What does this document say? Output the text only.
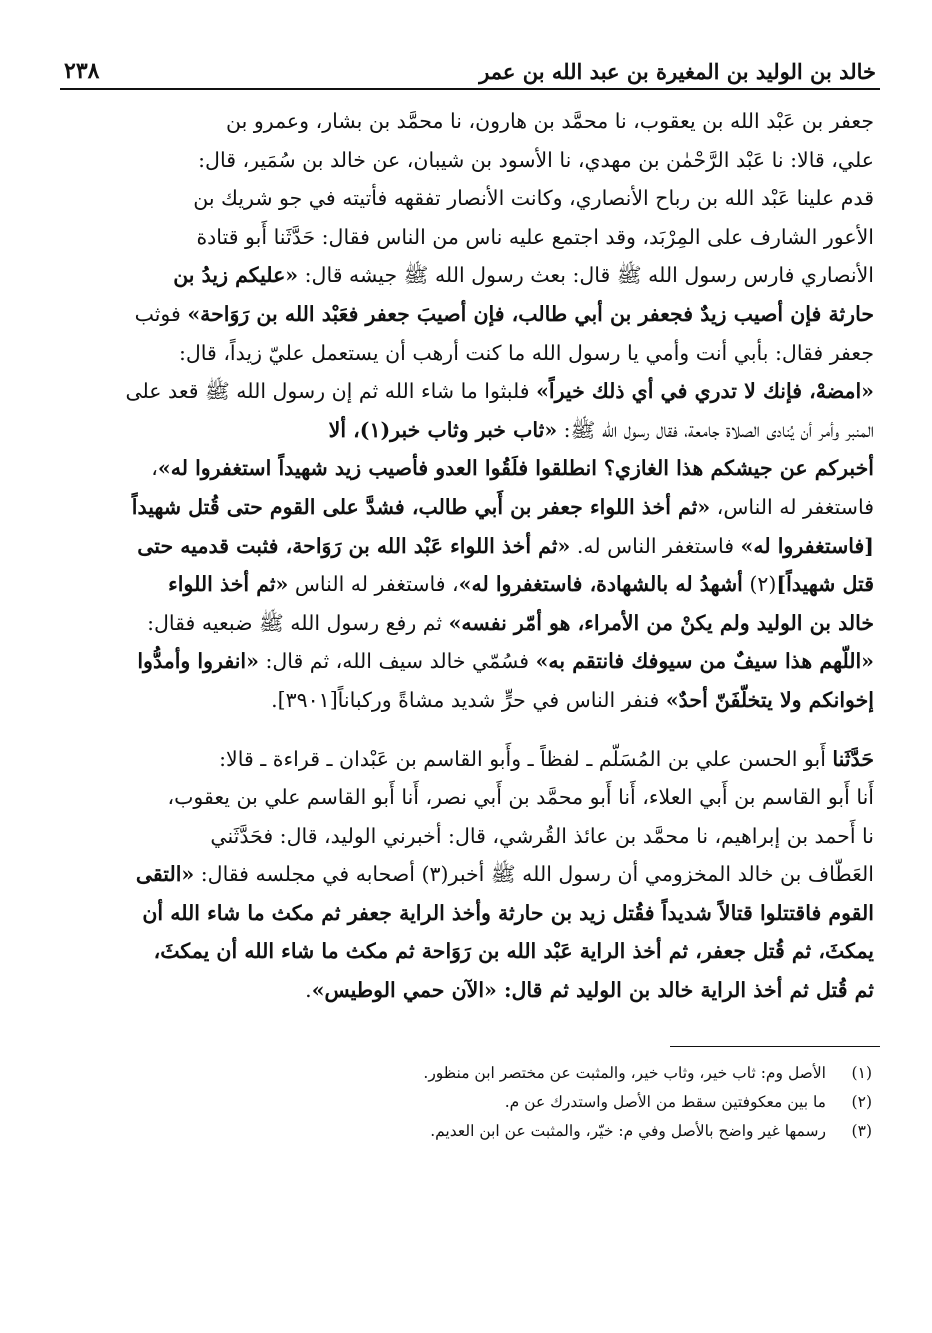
خالد بن الوليد بن المغيرة بن عبد الله بن عمر
٢٣٨
جعفر بن عَبْد الله بن يعقوب، نا محمَّد بن هارون، نا محمَّد بن بشار، وعمرو بن
علي، قالا: نا عَبْد الرَّحْمٰن بن مهدي، نا الأسود بن شيبان، عن خالد بن سُمَير، قال:
قدم علينا عَبْد الله بن رباح الأنصاري، وكانت الأنصار تفقهه فأتيته في جو شريك بن
الأعور الشارف على المِرْبَد، وقد اجتمع عليه ناس من الناس فقال: حَدَّثَنا أَبو قتادة
الأنصاري فارس رسول الله ﷺ قال: بعث رسول الله ﷺ جيشه قال: «عليكم زيدُ بن
حارثة فإن أصيب زيدٌ فجعفر بن أبي طالب، فإن أصيبَ جعفر فعَبْد الله بن رَوَاحة» فوثب
جعفر فقال: بأبي أنت وأمي يا رسول الله ما كنت أرهب أن يستعمل عليّ زيداً، قال:
«امضهْ، فإنك لا تدري في أي ذلك خيراً» فلبثوا ما شاء الله ثم إن رسول الله ﷺ قعد على
المنبر وأمر أن يُنادى الصلاة جامعة، فقال رسول الله ﷺ: «ثاب خبر وثاب خبر(١)، ألا
أخبركم عن جيشكم هذا الغازي؟ انطلقوا فلَقُوا العدو فأصيب زيد شهيداً استغفروا له»،
فاستغفر له الناس، «ثم أخذ اللواء جعفر بن أَبي طالب، فشدَّ على القوم حتى قُتل شهيداً
[فاستغفروا له» فاستغفر الناس له. «ثم أخذ اللواء عَبْد الله بن رَوَاحة، فثبت قدميه حتى
قتل شهيداً](٢) أشهدُ له بالشهادة، فاستغفروا له»، فاستغفر له الناس «ثم أخذ اللواء
خالد بن الوليد ولم يكنْ من الأمراء، هو أمّر نفسه» ثم رفع رسول الله ﷺ ضبعيه فقال:
«اللّهم هذا سيفٌ من سيوفك فانتقم به» فسُمّي خالد سيف الله، ثم قال: «انفروا وأمدُّوا
إخوانكم ولا يتخلّفَنّ أحدٌ» فنفر الناس في حرٍّ شديد مشاةً وركباناً[٣٩٠١].
حَدَّثَنا أَبو الحسن علي بن المُسَلّم ـ لفظاً ـ وأَبو القاسم بن عَبْدان ـ قراءة ـ قالا:
أَنا أَبو القاسم بن أَبي العلاء، أَنا أَبو محمَّد بن أَبي نصر، أَنا أَبو القاسم علي بن يعقوب،
نا أَحمد بن إبراهيم، نا محمَّد بن عائذ القُرشي، قال: أخبرني الوليد، قال: فحَدَّثَني
العَطّاف بن خالد المخزومي أن رسول الله ﷺ أخبر(٣) أصحابه في مجلسه فقال: «التقى
القوم فاقتتلوا قتالاً شديداً فقُتل زيد بن حارثة وأخذ الراية جعفر ثم مكث ما شاء الله أن
يمكثَ، ثم قُتل جعفر، ثم أخذ الراية عَبْد الله بن رَوَاحة ثم مكث ما شاء الله أن يمكثَ،
ثم قُتل ثم أخذ الراية خالد بن الوليد ثم قال: «الآن حمي الوطيس».
(١)الأصل وم: ثاب خير، وثاب خير، والمثبت عن مختصر ابن منظور.
(٢)ما بين معكوفتين سقط من الأصل واستدرك عن م.
(٣)رسمها غير واضح بالأصل وفي م: خيّر، والمثبت عن ابن العديم.
